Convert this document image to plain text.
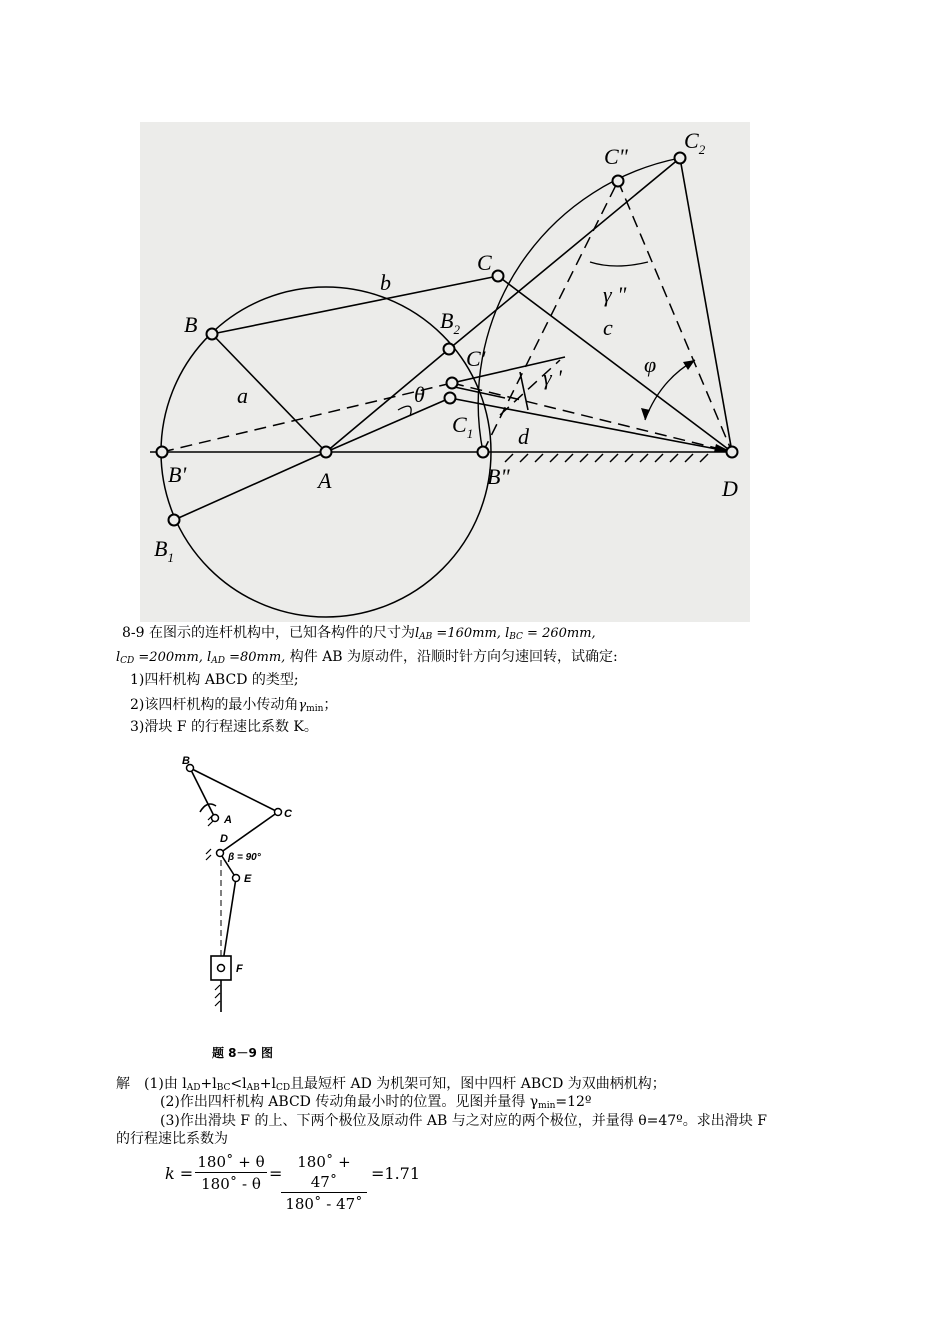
B
a
b
B'	A
$B_1$
$B_2$
C
C'
$C_1$
C"
$C_2$
B"
d
D
c
θ
γ '
γ "
φ
8-9 在图示的连杆机构中，已知各构件的尺寸为$l_{AB} =160mm$, $l_{BC} = 260mm$,
$l_{CD} =200mm$, $l_{AD} =80mm$, 构件 AB 为原动件，沿顺时针方向匀速回转，试确定:
1)四杆机构 ABCD 的类型;
2)该四杆机构的最小传动角$\gamma_{min}$；
3)滑块 F 的行程速比系数 K。
B
A	C
D
β = 90°
E
F
题 8－9 图
解　(1)由 $l_{AD}+l_{BC}<l_{AB}+l_{CD}$且最短杆 AD 为机架可知，图中四杆 ABCD 为双曲柄机构；
(2)作出四杆机构 ABCD 传动角最小时的位置。见图并量得 $\gamma_{min}=12º$
(3)作出滑块 F 的上、下两个极位及原动件 AB 与之对应的两个极位，并量得 θ=47º。求出滑块 F
的行程速比系数为
$k = \frac{180˚ + \theta}{180˚ - \theta}$ =
$\frac{180˚ + 47˚}{180˚ - 47˚} =1.71$
